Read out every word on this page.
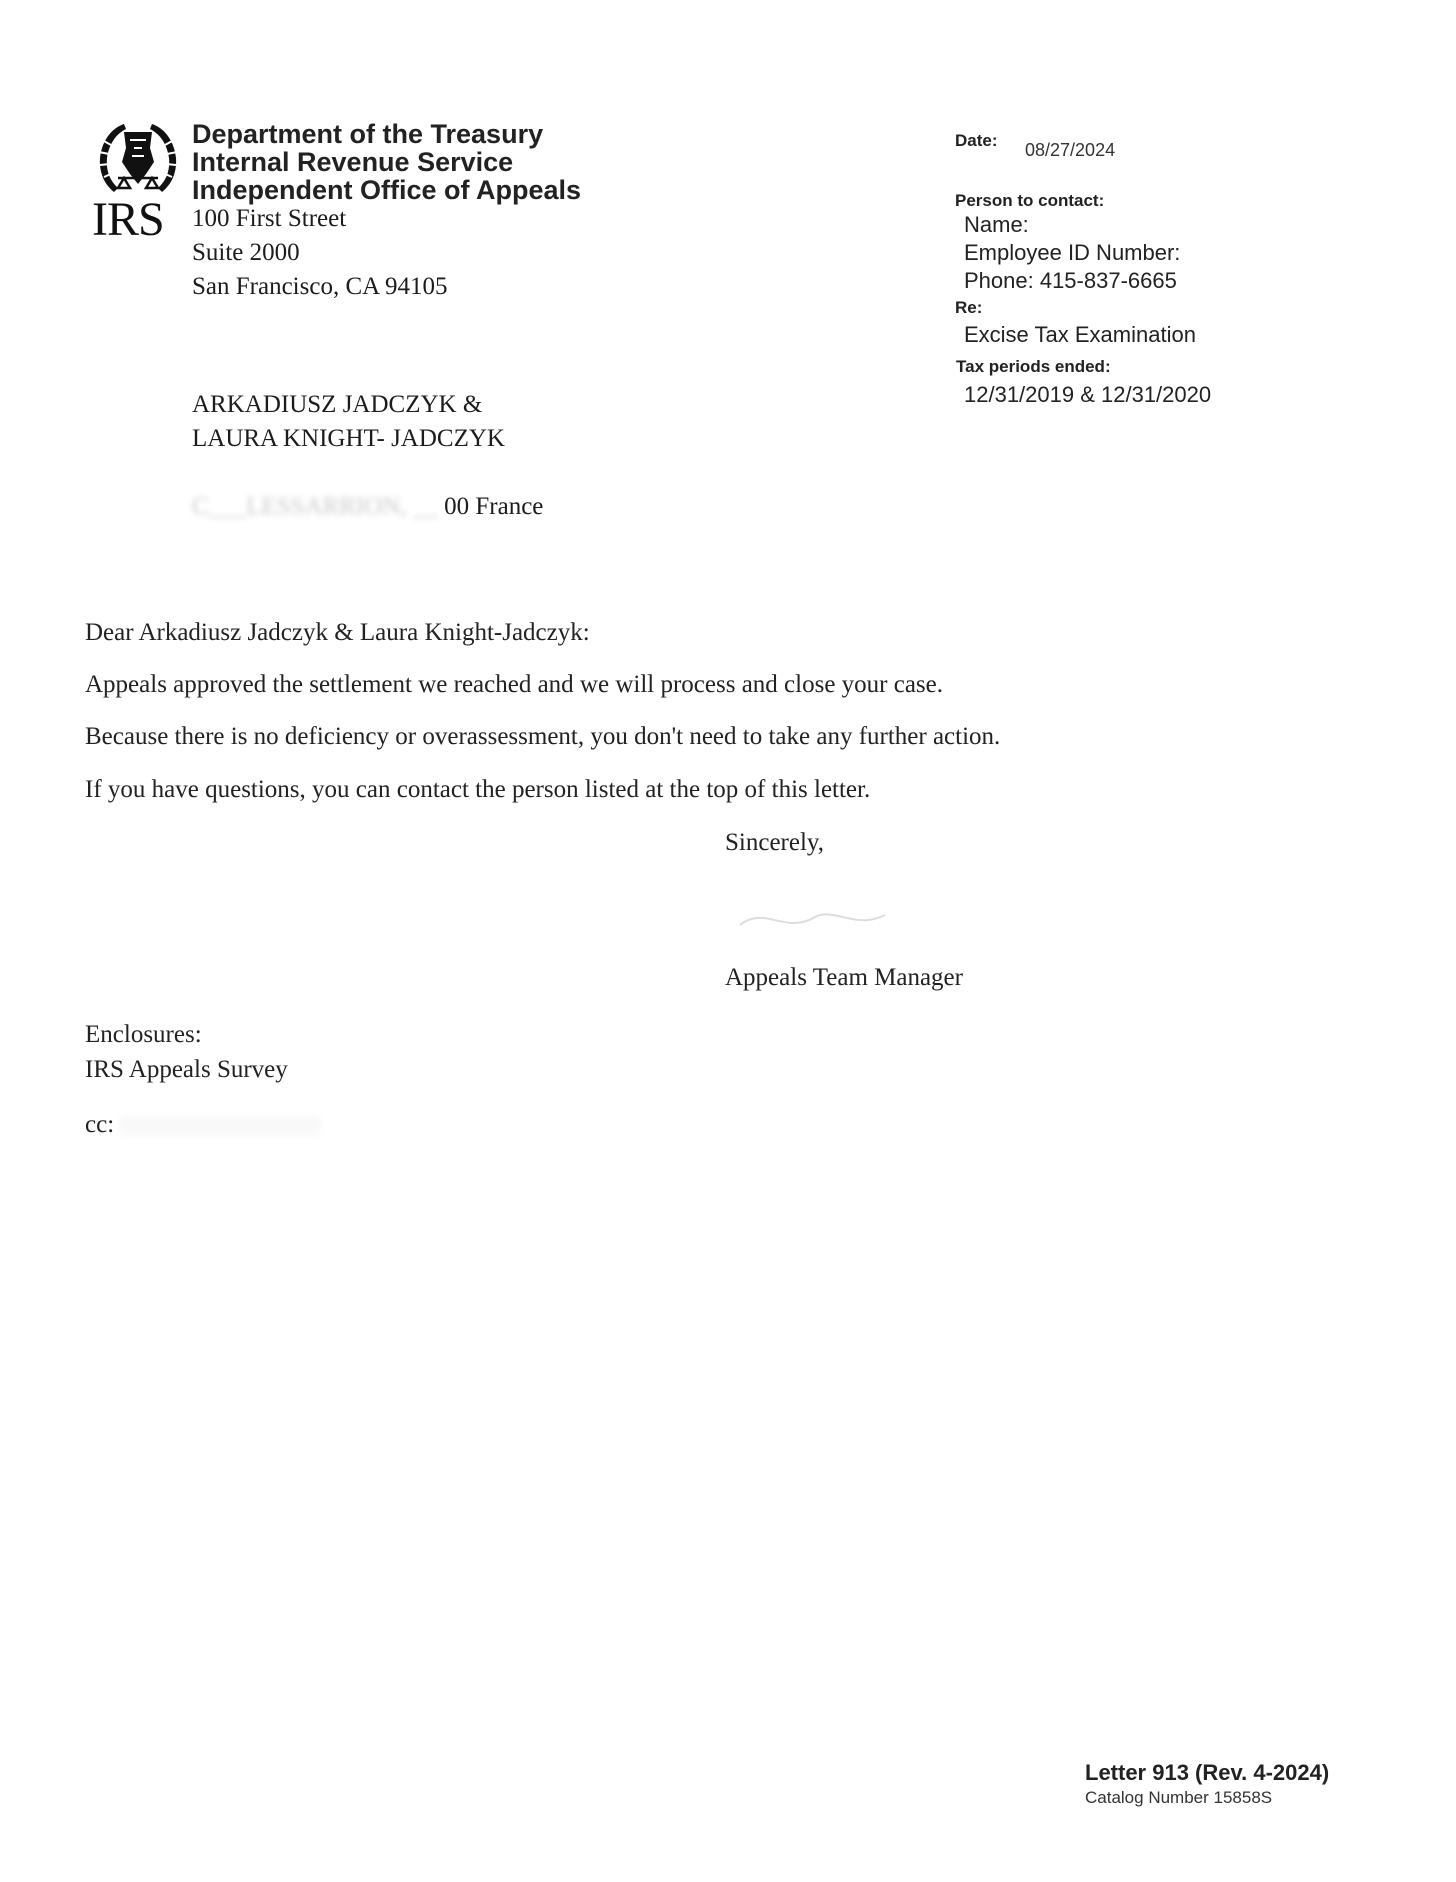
IRS
Department of the Treasury
Internal Revenue Service
Independent Office of Appeals
100 First Street
Suite 2000
San Francisco, CA 94105
Date: 08/27/2024
Person to contact:
Name:
Employee ID Number:
Phone: 415-837-6665
Re:
Excise Tax Examination
Tax periods ended:
12/31/2019 & 12/31/2020
ARKADIUSZ JADCZYK &
LAURA KNIGHT- JADCZYK
C___LESSARRION, __ 00 France
Dear Arkadiusz Jadczyk & Laura Knight-Jadczyk:
Appeals approved the settlement we reached and we will process and close your case.
Because there is no deficiency or overassessment, you don't need to take any further action.
If you have questions, you can contact the person listed at the top of this letter.
Sincerely,
Appeals Team Manager
Enclosures:
IRS Appeals Survey
cc:
Letter 913 (Rev. 4-2024)
Catalog Number 15858S
